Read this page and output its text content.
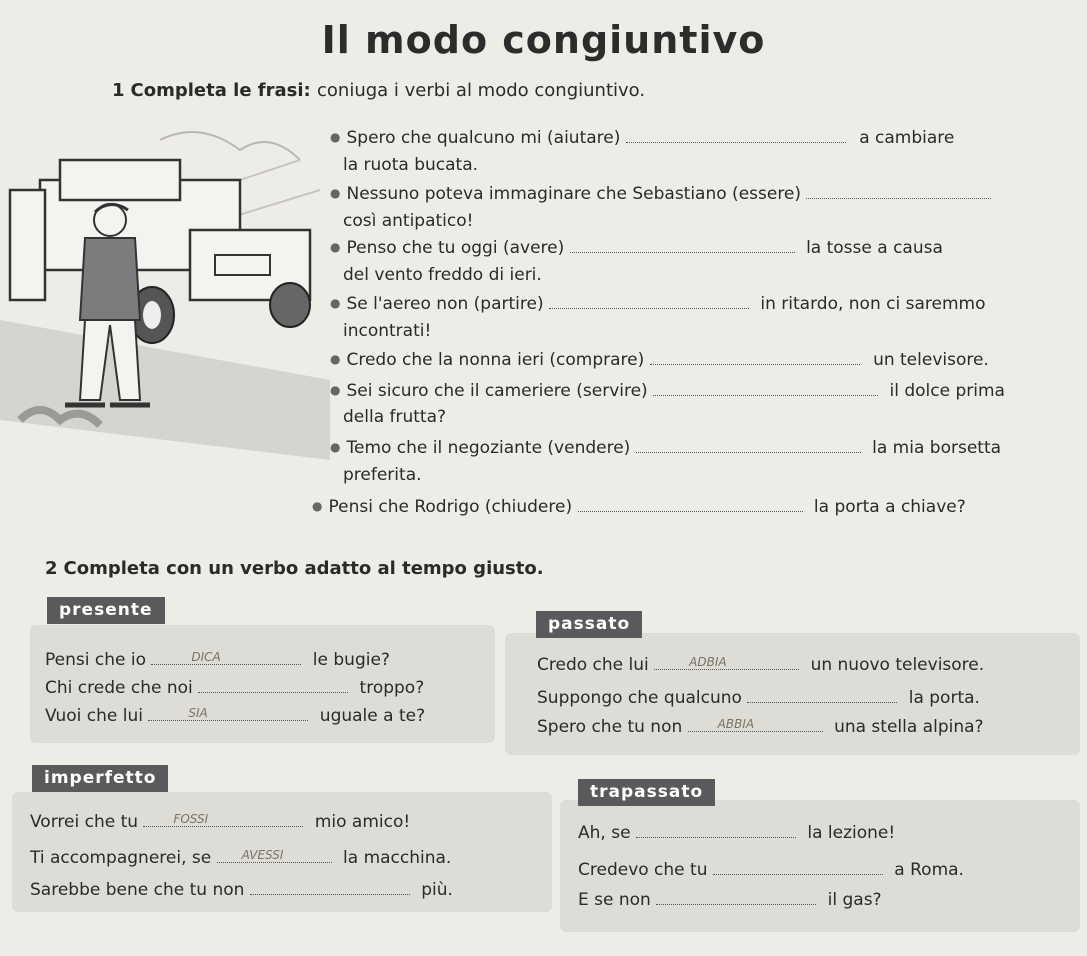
Il modo congiuntivo
1 Completa le frasi: coniuga i verbi al modo congiuntivo.
● Spero che qualcuno mi (aiutare)	a cambiare
la ruota bucata.
● Nessuno poteva immaginare che Sebastiano (essere)
così antipatico!
● Penso che tu oggi (avere)	la tosse a causa
del vento freddo di ieri.
● Se l'aereo non (partire)	in ritardo, non ci saremmo
incontrati!
● Credo che la nonna ieri (comprare)	un televisore.
● Sei sicuro che il cameriere (servire)	il dolce prima
della frutta?
● Temo che il negoziante (vendere)	la mia borsetta
preferita.
● Pensi che Rodrigo (chiudere)	la porta a chiave?
2 Completa con un verbo adatto al tempo giusto.
presente
Pensi che io	DICA	le bugie?
Chi crede che noi	troppo?
Vuoi che lui	SIA	uguale a te?
passato
Credo che lui	ADBIA	un nuovo televisore.
Suppongo che qualcuno	la porta.
Spero che tu non	ABBIA	una stella alpina?
imperfetto
Vorrei che tu	FOSSI	mio amico!
Ti accompagnerei, se	AVESSI	la macchina.
Sarebbe bene che tu non	più.
trapassato
Ah, se	la lezione!
Credevo che tu	a Roma.
E se non	il gas?
